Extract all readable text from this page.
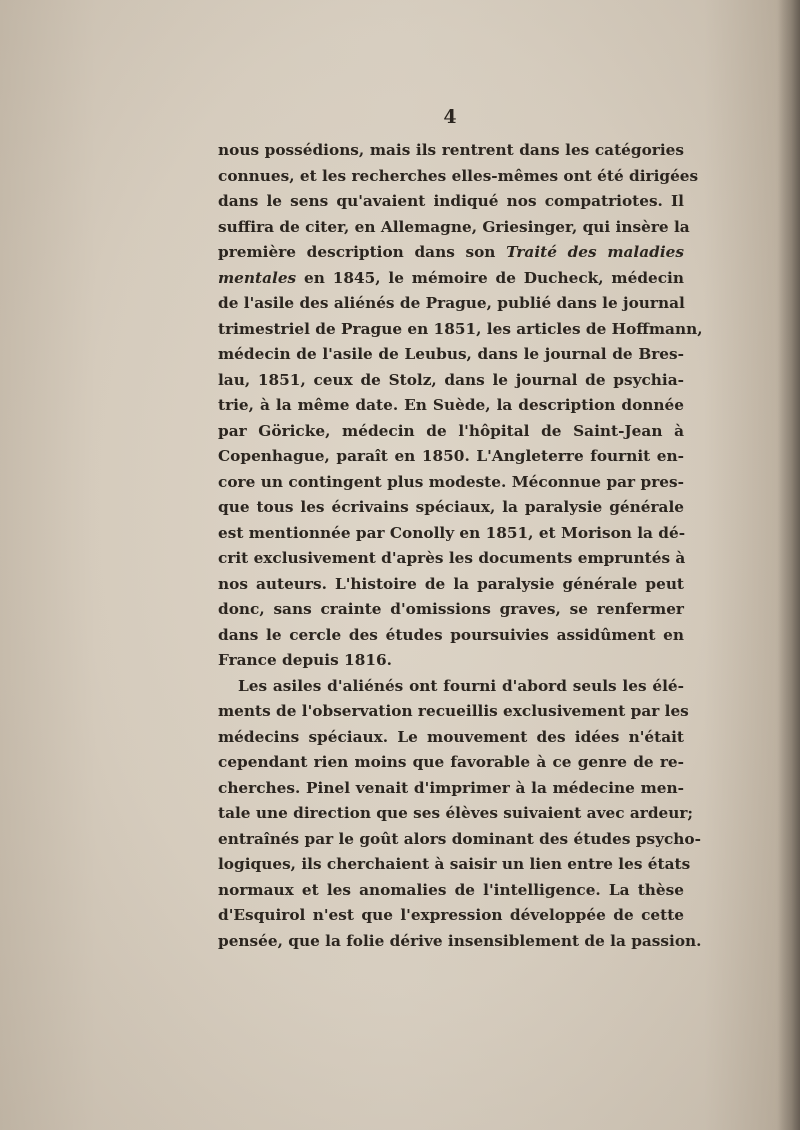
4
nous possédions, mais ils rentrent dans les catégories
connues, et les recherches elles-mêmes ont été dirigées
dans le sens qu'avaient indiqué nos compatriotes. Il
suffira de citer, en Allemagne, Griesinger, qui insère la
première description dans son Traité des maladies
mentales en 1845, le mémoire de Ducheck, médecin
de l'asile des aliénés de Prague, publié dans le journal
trimestriel de Prague en 1851, les articles de Hoffmann,
médecin de l'asile de Leubus, dans le journal de Bres-
lau, 1851, ceux de Stolz, dans le journal de psychia-
trie, à la même date. En Suède, la description donnée
par Göricke, médecin de l'hôpital de Saint-Jean à
Copenhague, paraît en 1850. L'Angleterre fournit en-
core un contingent plus modeste. Méconnue par pres-
que tous les écrivains spéciaux, la paralysie générale
est mentionnée par Conolly en 1851, et Morison la dé-
crit exclusivement d'après les documents empruntés à
nos auteurs. L'histoire de la paralysie générale peut
donc, sans crainte d'omissions graves, se renfermer
dans le cercle des études poursuivies assidûment en
France depuis 1816.
Les asiles d'aliénés ont fourni d'abord seuls les élé-
ments de l'observation recueillis exclusivement par les
médecins spéciaux. Le mouvement des idées n'était
cependant rien moins que favorable à ce genre de re-
cherches. Pinel venait d'imprimer à la médecine men-
tale une direction que ses élèves suivaient avec ardeur;
entraînés par le goût alors dominant des études psycho-
logiques, ils cherchaient à saisir un lien entre les états
normaux et les anomalies de l'intelligence. La thèse
d'Esquirol n'est que l'expression développée de cette
pensée, que la folie dérive insensiblement de la passion.
